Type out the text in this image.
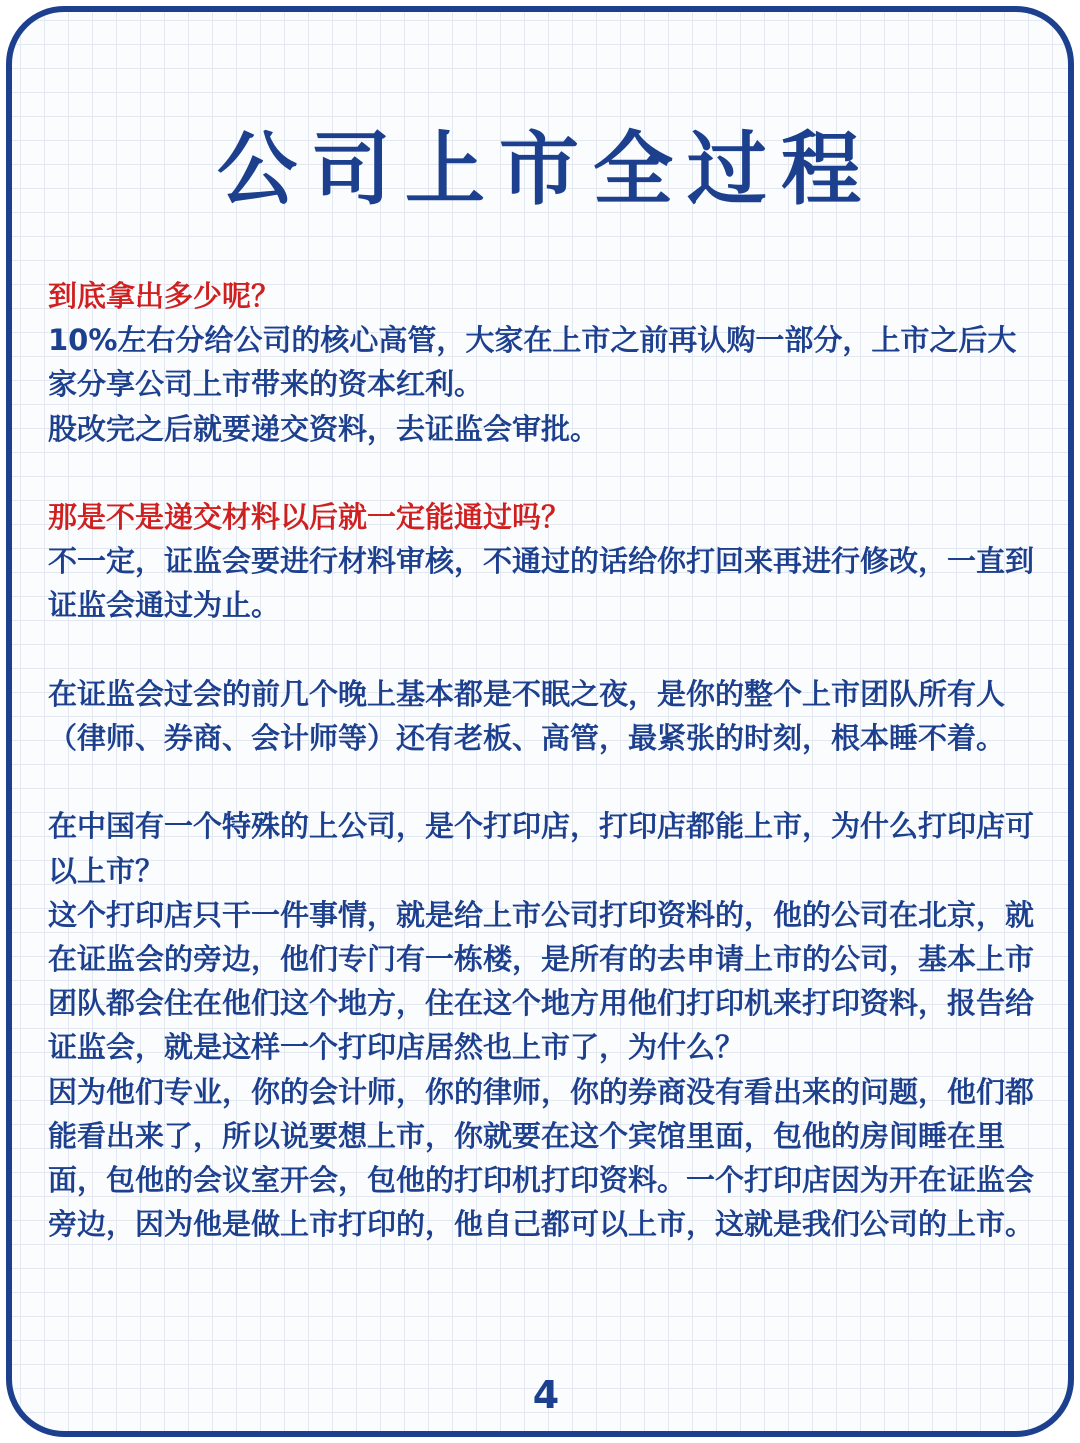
公司上市全过程

到底拿出多少呢？

10%左右分给公司的核心高管，大家在上市之前再认购一部分，上市之后大家分享公司上市带来的资本红利。

股改完之后就要递交资料，去证监会审批。

那是不是递交材料以后就一定能通过吗？

不一定，证监会要进行材料审核，不通过的话给你打回来再进行修改，一直到证监会通过为止。

在证监会过会的前几个晚上基本都是不眠之夜，是你的整个上市团队所有人（律师、券商、会计师等）还有老板、高管，最紧张的时刻，根本睡不着。

在中国有一个特殊的上公司，是个打印店，打印店都能上市，为什么打印店可以上市？

这个打印店只干一件事情，就是给上市公司打印资料的，他的公司在北京，就在证监会的旁边，他们专门有一栋楼，是所有的去申请上市的公司，基本上市团队都会住在他们这个地方，住在这个地方用他们打印机来打印资料，报告给证监会，就是这样一个打印店居然也上市了，为什么？

因为他们专业，你的会计师，你的律师，你的券商没有看出来的问题，他们都能看出来了，所以说要想上市，你就要在这个宾馆里面，包他的房间睡在里面，包他的会议室开会，包他的打印机打印资料。一个打印店因为开在证监会旁边，因为他是做上市打印的，他自己都可以上市，这就是我们公司的上市。

4
